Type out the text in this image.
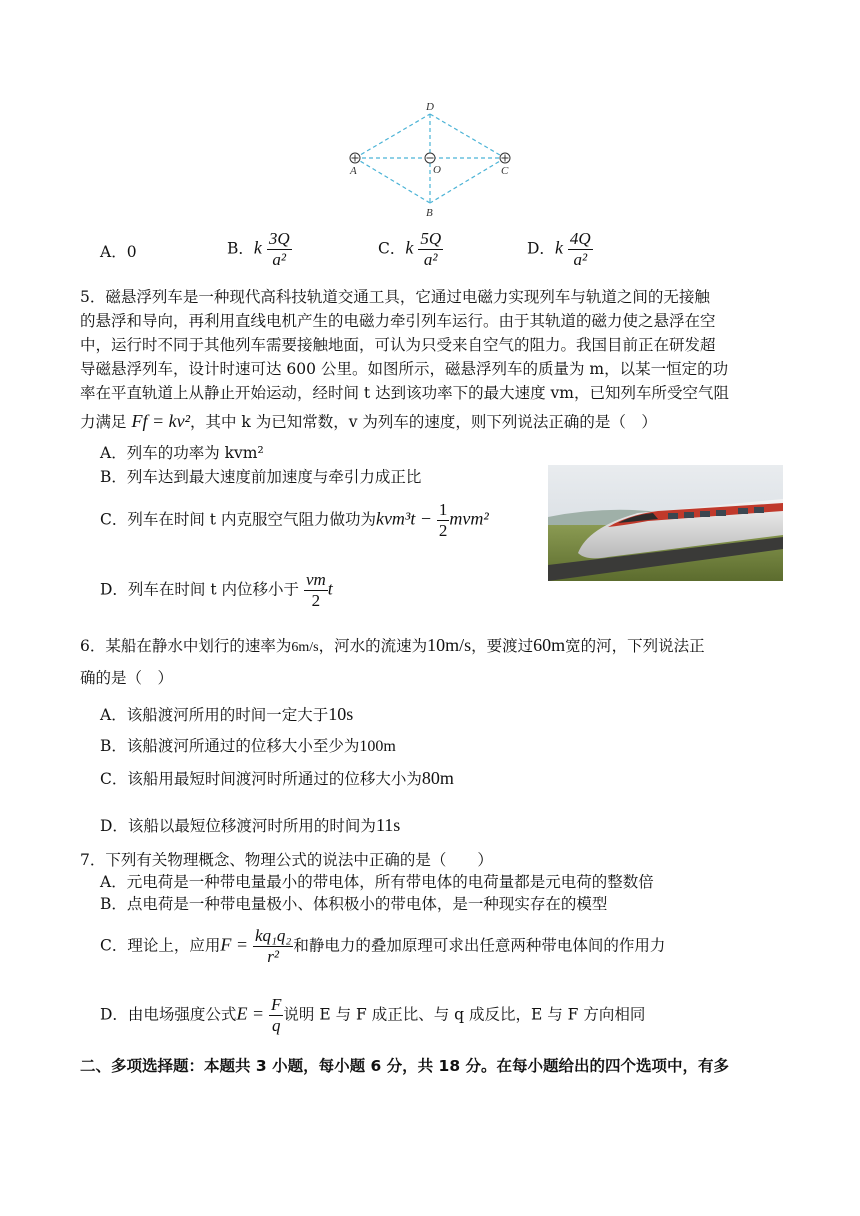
A
D
O	C
B
A．0	B．k $\frac{3Q}{\text{a²}}$	C．k $\frac{5Q}{\text{a²}}$	D．k $\frac{4Q}{\text{a²}}$
5．磁悬浮列车是一种现代高科技轨道交通工具，它通过电磁力实现列车与轨道之间的无接触
的悬浮和导向，再利用直线电机产生的电磁力牵引列车运行。由于其轨道的磁力使之悬浮在空
中，运行时不同于其他列车需要接触地面，可认为只受来自空气的阻力。我国目前正在研发超
导磁悬浮列车，设计时速可达 600 公里。如图所示，磁悬浮列车的质量为 m，以某一恒定的功
率在平直轨道上从静止开始运动，经时间 t 达到该功率下的最大速度 vm，已知列车所受空气阻
力满足 Ff = kv²，其中 k 为已知常数，v 为列车的速度，则下列说法正确的是（　）
A．列车的功率为 kvm²
B．列车达到最大速度前加速度与牵引力成正比
C．列车在时间 t 内克服空气阻力做功为$kvm^3t - \frac{1}{2} mvm^2$
D．列车在时间 t 内位移小于 $\frac{vm}{2}$ t
6．某船在静水中划行的速率为6m/s，河水的流速为10m/s，要渡过60m宽的河，下列说法正
确的是（　）
A．该船渡河所用的时间一定大于10s
B．该船渡河所通过的位移大小至少为100m
C．该船用最短时间渡河时所通过的位移大小为80m
D．该船以最短位移渡河时所用的时间为11s
7．下列有关物理概念、物理公式的说法中正确的是（　　）
A．元电荷是一种带电量最小的带电体，所有带电体的电荷量都是元电荷的整数倍
B．点电荷是一种带电量极小、体积极小的带电体，是一种现实存在的模型
C．理论上，应用$F = \frac{\text{kq₁q₂}}{\text{r²}}$ 和静电力的叠加原理可求出任意两种带电体间的作用力
D．由电场强度公式$E = \frac{F}{q}$ 说明 E 与 F 成正比、与 q 成反比，E 与 F 方向相同
二、多项选择题：本题共 3 小题，每小题 6 分，共 18 分。在每小题给出的四个选项中，有多
